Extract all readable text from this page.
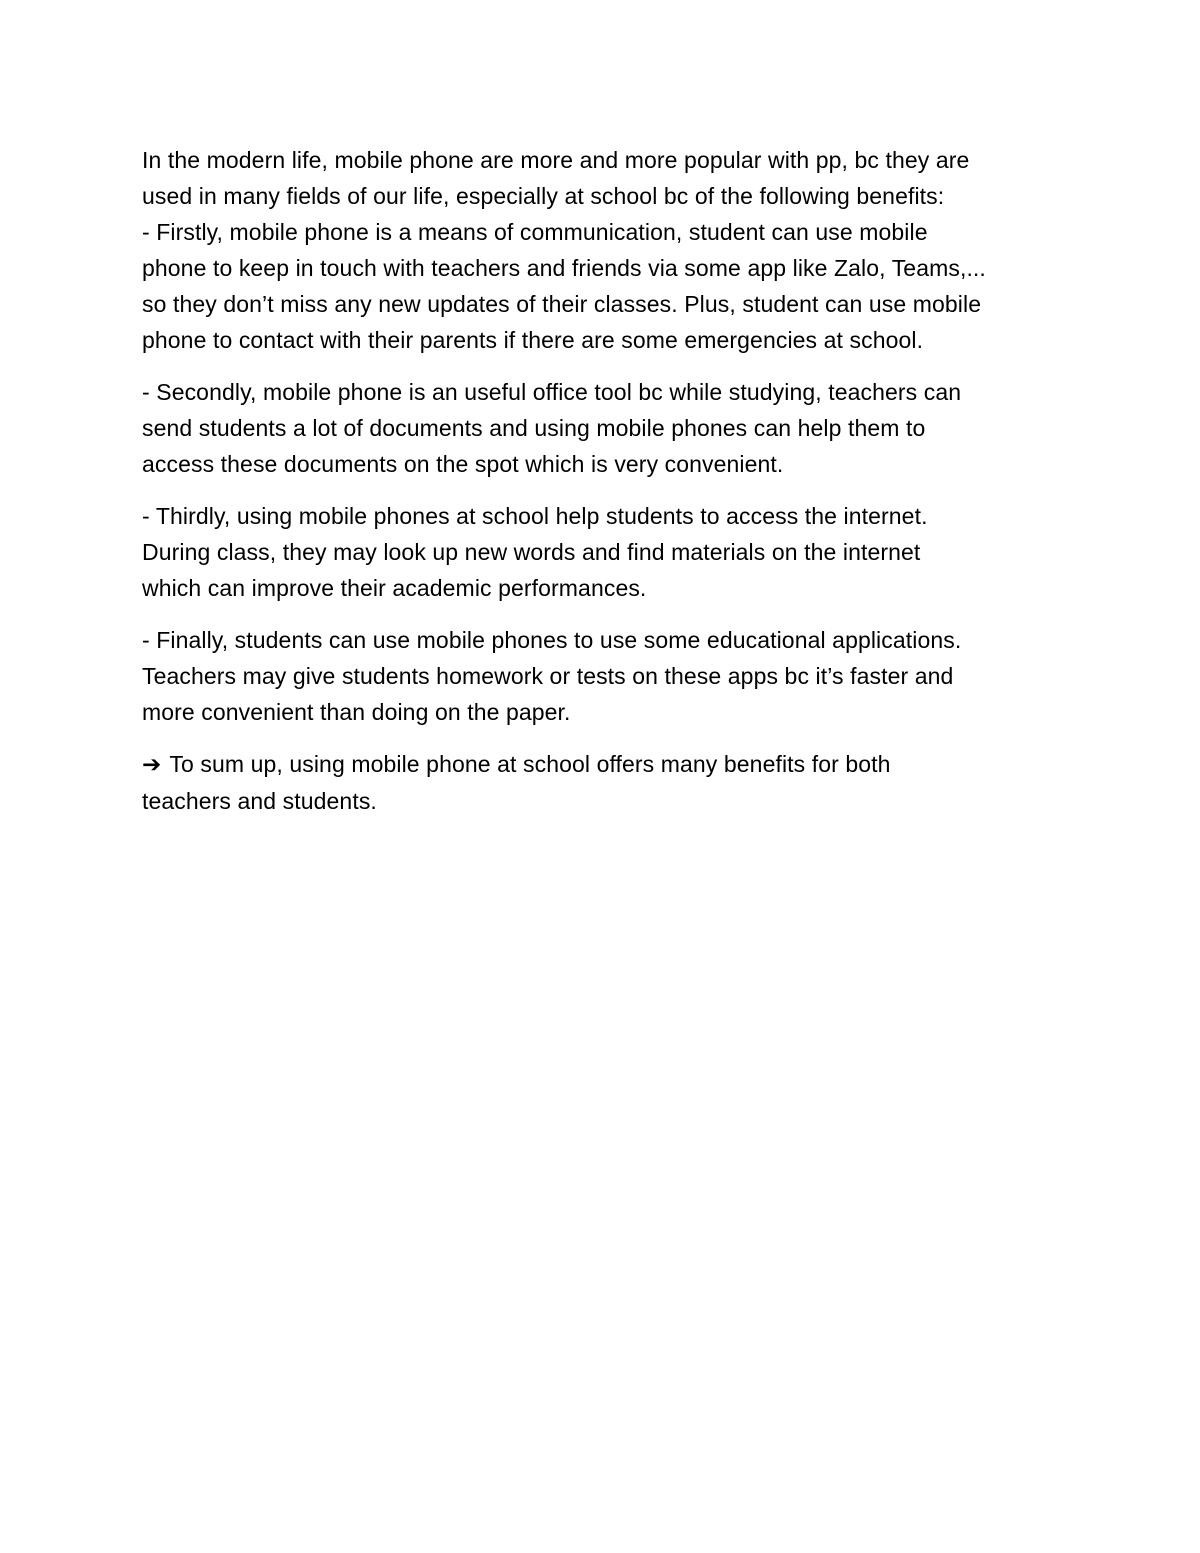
In the modern life, mobile phone are more and more popular with pp, bc they are
used in many fields of our life, especially at school bc of the following benefits:
- Firstly, mobile phone is a means of communication, student can use mobile
phone to keep in touch with teachers and friends via some app like Zalo, Teams,...
so they don’t miss any new updates of their classes. Plus, student can use mobile
phone to contact with their parents if there are some emergencies at school.

- Secondly, mobile phone is an useful office tool bc while studying, teachers can
send students a lot of documents and using mobile phones can help them to
access these documents on the spot which is very convenient.

- Thirdly, using mobile phones at school help students to access the internet.
During class, they may look up new words and find materials on the internet
which can improve their academic performances.

- Finally, students can use mobile phones to use some educational applications.
Teachers may give students homework or tests on these apps bc it’s faster and
more convenient than doing on the paper.

➔ To sum up, using mobile phone at school offers many benefits for both
teachers and students.
